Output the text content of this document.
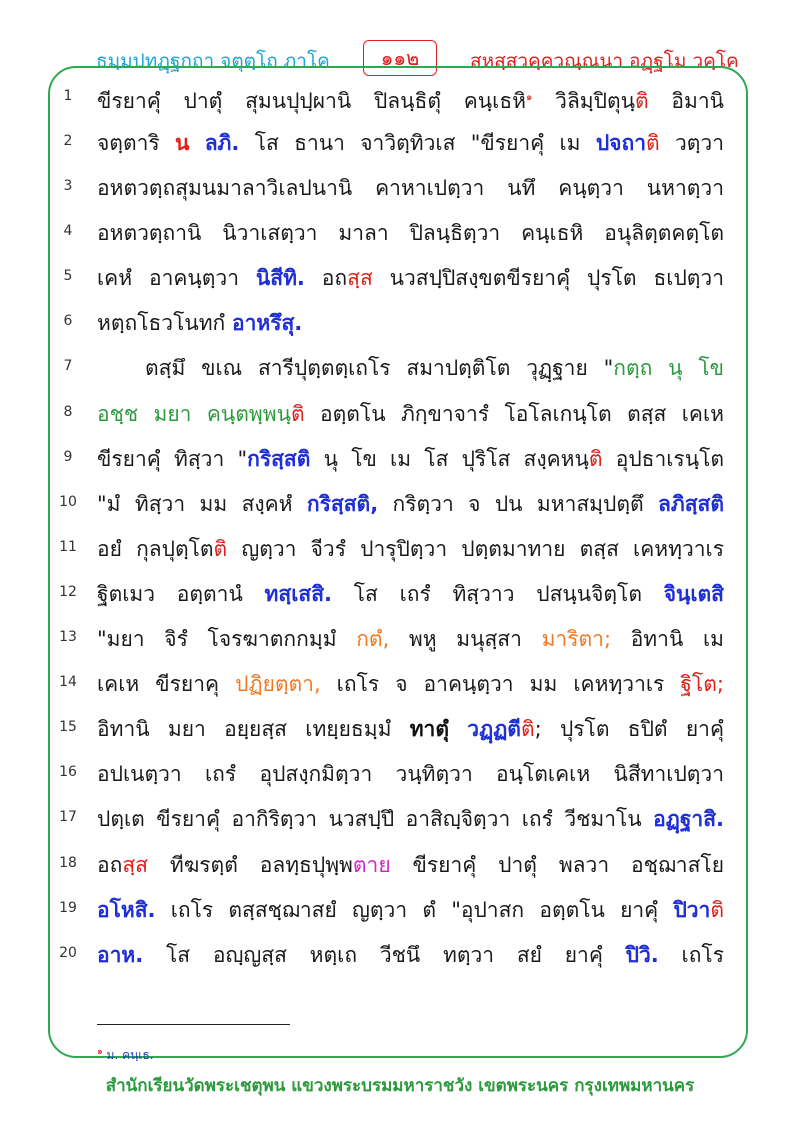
ธมฺมปทฏฺฐกถา จตุตฺโถ ภาโค	๑๑๒	สหสฺสวคฺควณฺณนา อฏฺฐโม วคฺโค
1	ขีรยาคุํ ปาตุํ สุมนปุปฺผานิ ปิลนฺธิตุํ คนฺเธหิ$^๑$ วิลิมฺปิตุนฺติ อิมานิ
2	จตฺตาริ น ลภิ. โส ธานา จาวิตฺทิวเส "ขีรยาคุํ เม ปจถาติ วตฺวา
3	อหตวตฺถสุมนมาลาวิเลปนานิ คาหาเปตฺวา นทึ คนฺตฺวา นหาตฺวา
4	อหตวตฺถานิ นิวาเสตฺวา มาลา ปิลนฺธิตฺวา คนฺเธหิ อนุลิตฺตคตฺโต
5	เคหํ อาคนฺตฺวา นิสีทิ. อถสฺส นวสปฺปิสงฺขตขีรยาคุํ ปุรโต ธเปตฺวา
6	หตฺถโธวโนทกํ อาหรึสุ.
7	ตสฺมึ ขเณ สารีปุตฺตตฺเถโร สมาปตฺติโต วุฏฺฐาย "กตฺถ นุ โข
8	อชฺช มยา คนฺตพฺพนฺติ อตฺตโน ภิกฺขาจารํ โอโลเกนฺโต ตสฺส เคเห
9	ขีรยาคุํ ทิสฺวา "กริสฺสติ นุ โข เม โส ปุริโส สงฺคหนฺติ อุปธาเรนฺโต
10 "มํ ทิสฺวา มม สงฺคหํ กริสฺสติ, กริตฺวา จ ปน มหาสมฺปตฺตึ ลภิสฺสติ
11 อยํ กุลปุตฺโตติ ญตฺวา จีวรํ ปารุปิตฺวา ปตฺตมาทาย ตสฺส เคหทฺวาเร
12 ฐิตเมว อตฺตานํ ทสฺเสสิ. โส เถรํ ทิสฺวาว ปสนฺนจิตฺโต จินฺเตสิ
13 "มยา จิรํ โจรฆาตกกมฺมํ กตํ, พหู มนุสฺสา มาริตา; อิทานิ เม
14 เคเห ขีรยาคุ ปฏิยตฺตา, เถโร จ อาคนฺตฺวา มม เคหทฺวาเร ฐิโต;
15 อิทานิ มยา อยฺยสฺส เทยฺยธมฺมํ ทาตุํ วฏฺฏตีติ; ปุรโต ธปิตํ ยาคุํ
16 อปเนตฺวา เถรํ อุปสงฺกมิตฺวา วนฺทิตฺวา อนฺโตเคเห นิสีทาเปตฺวา
17 ปตฺเต ขีรยาคุํ อากิริตฺวา นวสปฺปึ อาสิญฺจิตฺวา เถรํ วีชมาโน อฏฺฐาสิ.
18 อถสฺส ทีฆรตฺตํ อลทฺธปุพฺพตาย ขีรยาคุํ ปาตุํ พลวา อชฺฌาสโย
19 อโหสิ. เถโร ตสฺสชฺฌาสยํ ญตฺวา ตํ "อุปาสก อตฺตโน ยาคุํ ปิวาติ
20 อาห. โส อญฺญสฺส หตฺเถ วีชนึ ทตฺวา สยํ ยาคุํ ปิวิ. เถโร
$^๑$ ม. คนฺเธ.
สำนักเรียนวัดพระเชตุพน แขวงพระบรมมหาราชวัง เขตพระนคร กรุงเทพมหานคร
